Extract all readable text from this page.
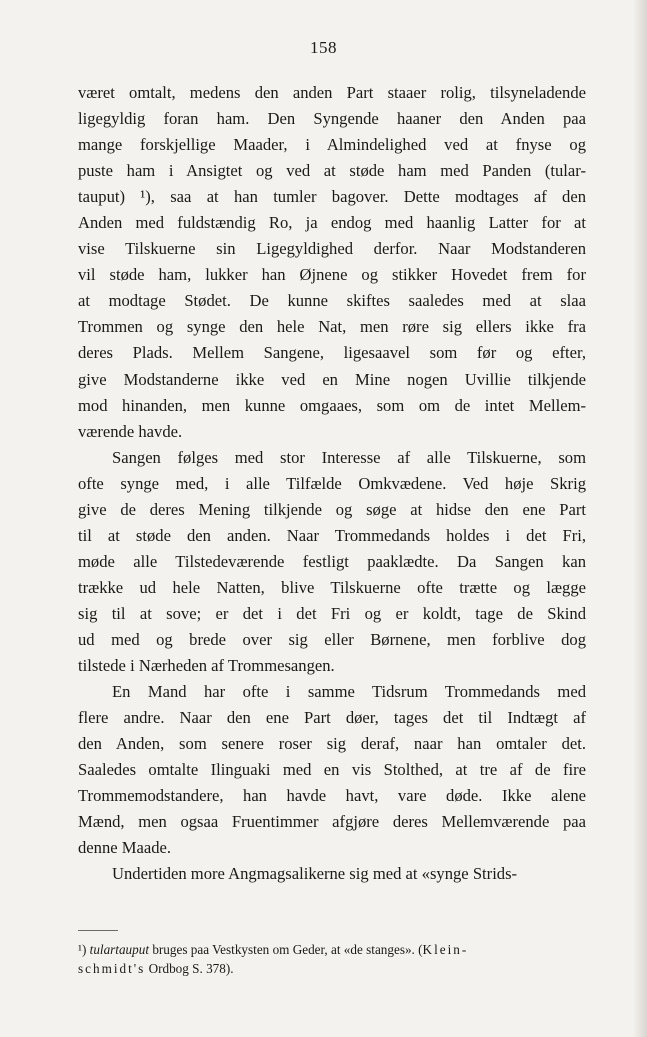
158
været omtalt, medens den anden Part staaer rolig, tilsyneladende
ligegyldig foran ham. Den Syngende haaner den Anden paa
mange forskjellige Maader, i Almindelighed ved at fnyse og
puste ham i Ansigtet og ved at støde ham med Panden (tular-
tauput) ¹), saa at han tumler bagover. Dette modtages af den
Anden med fuldstændig Ro, ja endog med haanlig Latter for at
vise Tilskuerne sin Ligegyldighed derfor. Naar Modstanderen
vil støde ham, lukker han Øjnene og stikker Hovedet frem for
at modtage Stødet. De kunne skiftes saaledes med at slaa
Trommen og synge den hele Nat, men røre sig ellers ikke fra
deres Plads. Mellem Sangene, ligesaavel som før og efter,
give Modstanderne ikke ved en Mine nogen Uvillie tilkjende
mod hinanden, men kunne omgaaes, som om de intet Mellem-
værende havde.
Sangen følges med stor Interesse af alle Tilskuerne, som
ofte synge med, i alle Tilfælde Omkvædene. Ved høje Skrig
give de deres Mening tilkjende og søge at hidse den ene Part
til at støde den anden. Naar Trommedands holdes i det Fri,
møde alle Tilstedeværende festligt paaklædte. Da Sangen kan
trække ud hele Natten, blive Tilskuerne ofte trætte og lægge
sig til at sove; er det i det Fri og er koldt, tage de Skind
ud med og brede over sig eller Børnene, men forblive dog
tilstede i Nærheden af Trommesangen.
En Mand har ofte i samme Tidsrum Trommedands med
flere andre. Naar den ene Part døer, tages det til Indtægt af
den Anden, som senere roser sig deraf, naar han omtaler det.
Saaledes omtalte Ilinguaki med en vis Stolthed, at tre af de fire
Trommemodstandere, han havde havt, vare døde. Ikke alene
Mænd, men ogsaa Fruentimmer afgjøre deres Mellemværende paa
denne Maade.
Undertiden more Angmagsalikerne sig med at «synge Strids-
¹) tulartauput bruges paa Vestkysten om Geder, at «de stanges». (Klein-
schmidt's Ordbog S. 378).
